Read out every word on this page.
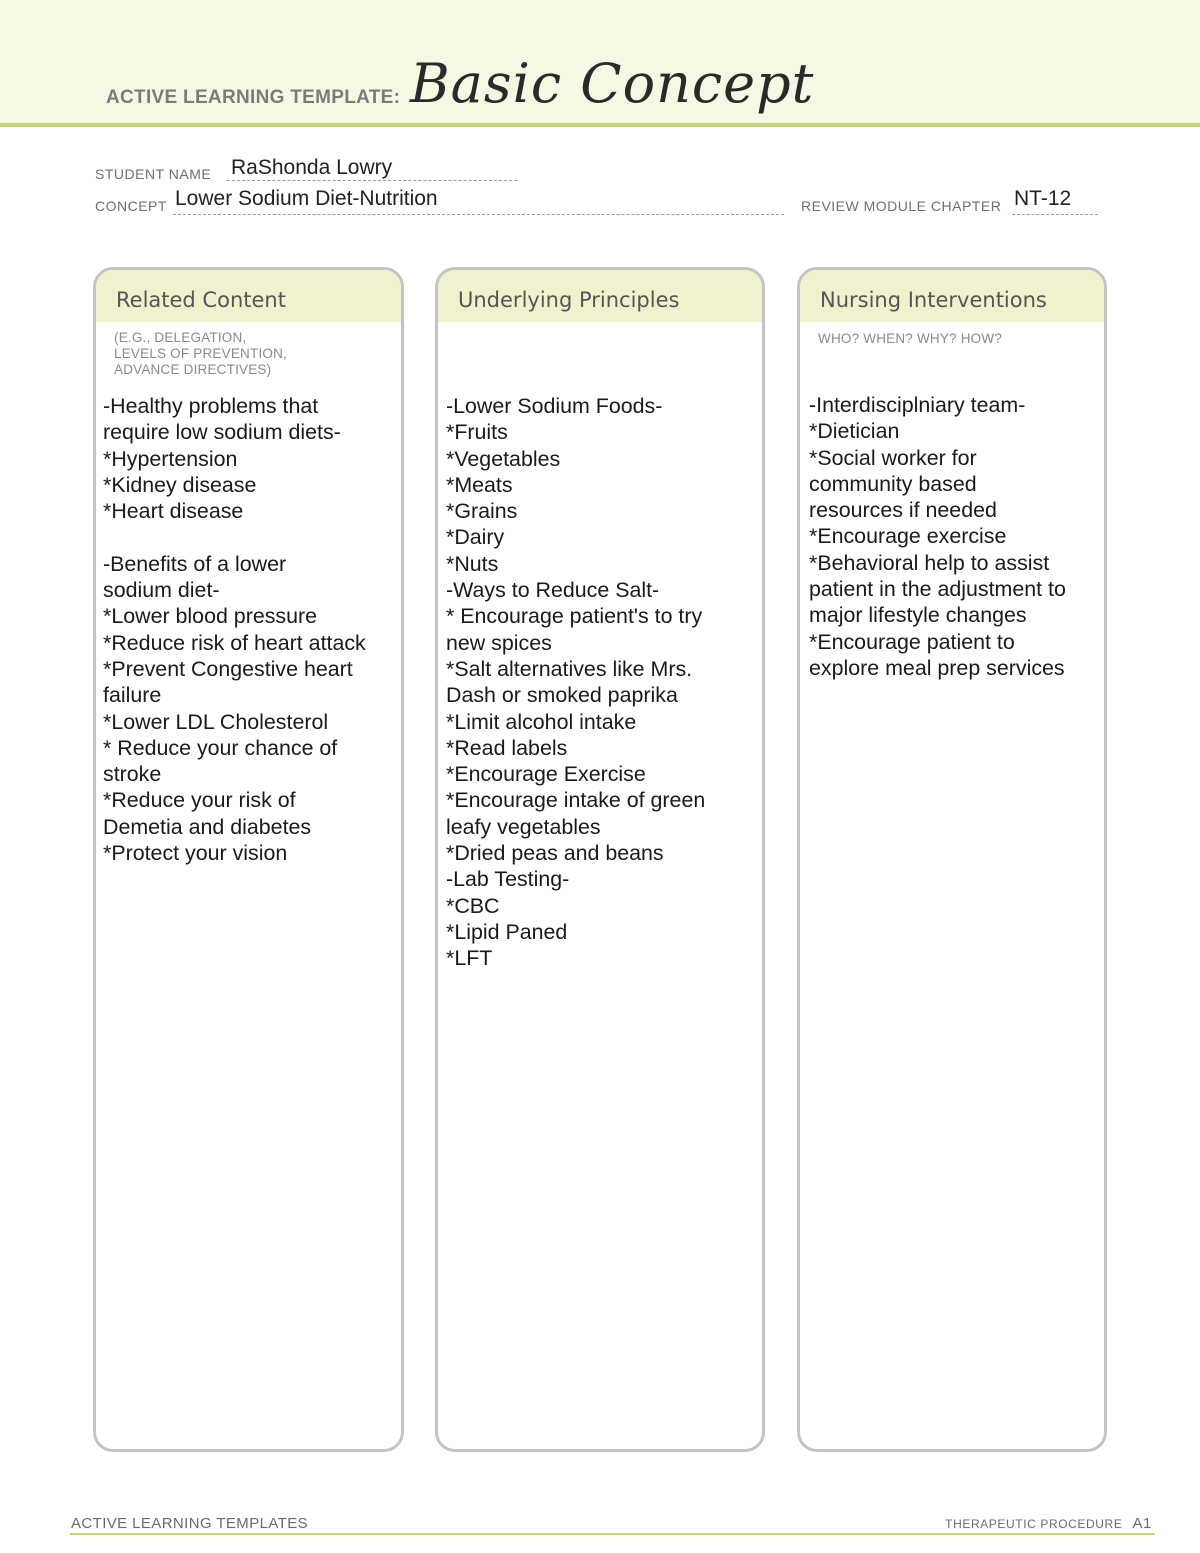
ACTIVE LEARNING TEMPLATE: Basic Concept
STUDENT NAME RaShonda Lowry
CONCEPT Lower Sodium Diet-Nutrition	REVIEW MODULE CHAPTER NT-12
Related Content
(E.G., DELEGATION,
LEVELS OF PREVENTION,
ADVANCE DIRECTIVES)
-Healthy problems that
require low sodium diets-
*Hypertension
*Kidney disease
*Heart disease
-Benefits of a lower
sodium diet-
*Lower blood pressure
*Reduce risk of heart attack
*Prevent Congestive heart
failure
*Lower LDL Cholesterol
* Reduce your chance of
stroke
*Reduce your risk of
Demetia and diabetes
*Protect your vision
Underlying Principles
-Lower Sodium Foods-
*Fruits
*Vegetables
*Meats
*Grains
*Dairy
*Nuts
-Ways to Reduce Salt-
* Encourage patient's to try
new spices
*Salt alternatives like Mrs.
Dash or smoked paprika
*Limit alcohol intake
*Read labels
*Encourage Exercise
*Encourage intake of green
leafy vegetables
*Dried peas and beans
-Lab Testing-
*CBC
*Lipid Paned
*LFT
Nursing Interventions
WHO? WHEN? WHY? HOW?
-Interdisciplniary team-
*Dietician
*Social worker for
community based
resources if needed
*Encourage exercise
*Behavioral help to assist
patient in the adjustment to
major lifestyle changes
*Encourage patient to
explore meal prep services
ACTIVE LEARNING TEMPLATES	THERAPEUTIC PROCEDURE A1
